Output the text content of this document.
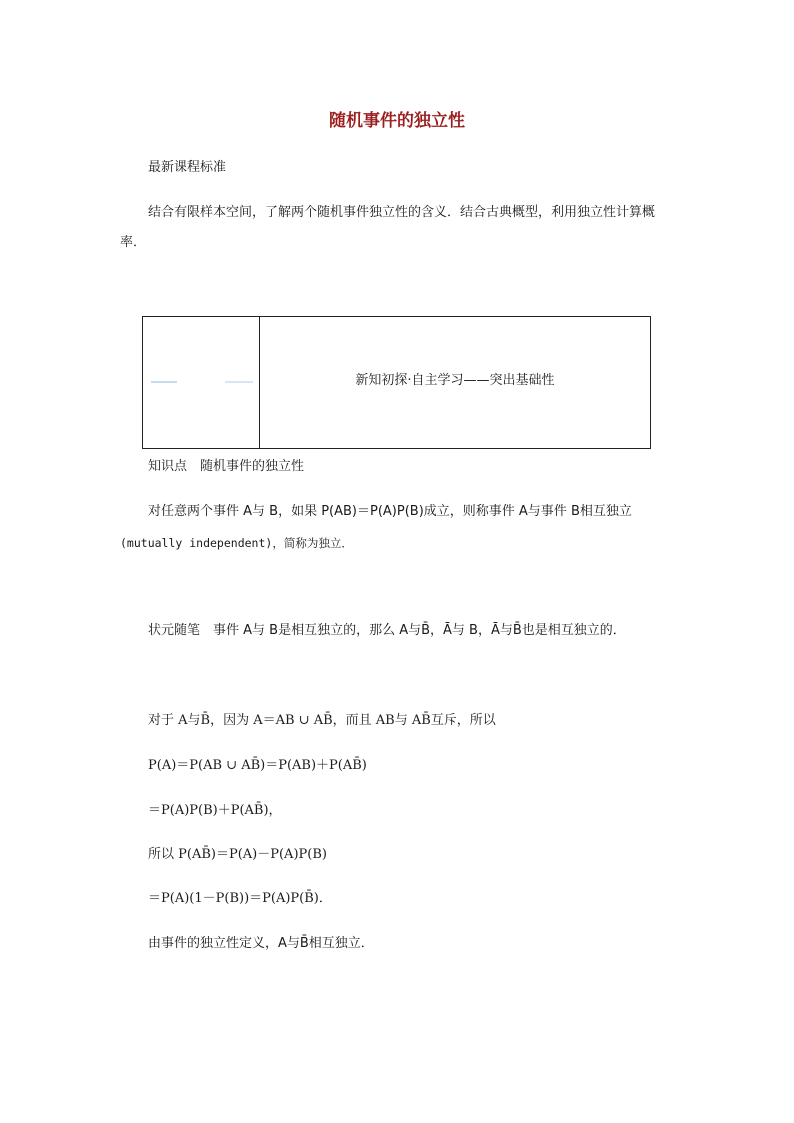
随机事件的独立性
最新课程标准
结合有限样本空间，了解两个随机事件独立性的含义．结合古典概型，利用独立性计算概率．
新知初探·自主学习——突出基础性
知识点　随机事件的独立性
对任意两个事件 A与 B，如果 P(AB)＝P(A)P(B)成立，则称事件 A与事件 B相互独立
(mutually independent)，简称为独立．
状元随笔　事件 A与 B是相互独立的，那么 A与B̄，Ā与 B，Ā与B̄也是相互独立的．
对于 A与B̄，因为 A＝AB ∪ AB̄，而且 AB与 AB̄互斥，所以
P(A)＝P(AB ∪ AB̄)＝P(AB)＋P(AB̄)
＝P(A)P(B)＋P(AB̄)，
所以 P(AB̄)＝P(A)－P(A)P(B)
＝P(A)(1－P(B))＝P(A)P(B̄)．
由事件的独立性定义，A与B̄相互独立．
